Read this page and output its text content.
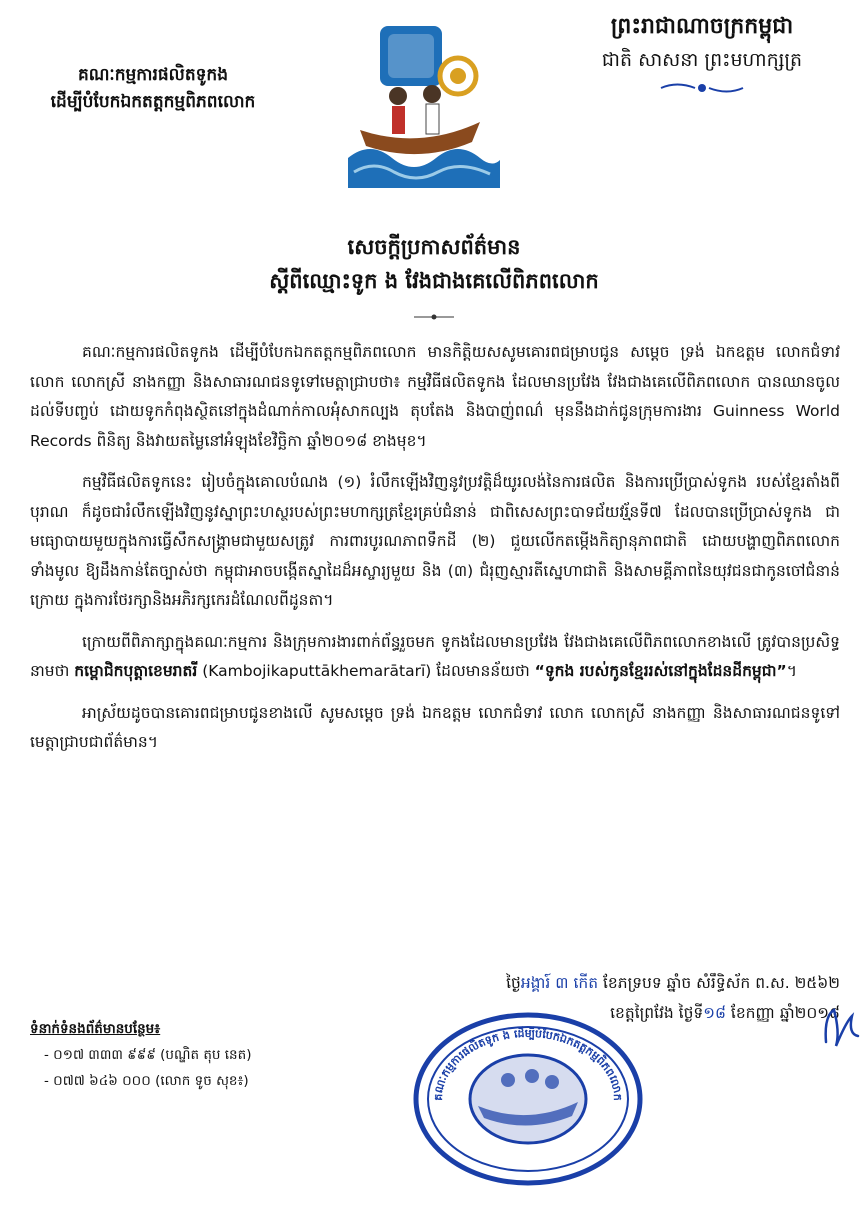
គណៈកម្មការផលិតទូកង
ដើម្បីបំបែកឯកតត្តកម្មពិភពលោក
ព្រះរាជាណាចក្រកម្ពុជា
ជាតិ សាសនា ព្រះមហាក្សត្រ
សេចក្តីប្រកាសព័ត៌មាន
ស្តីពីឈ្មោះទូក ង វែងជាងគេលើពិភពលោក

គណៈកម្មការផលិតទូកង ដើម្បីបំបែកឯកតត្តកម្មពិភពលោក មានកិត្តិយសសូមគោរពជម្រាបជូន សម្តេច ទ្រង់ ឯកឧត្តម លោកជំទាវ លោក លោកស្រី នាងកញ្ញា និងសាធារណជនទូទៅមេត្តាជ្រាបថា៖ កម្មវិធីផលិតទូកង ដែលមានប្រវែង វែងជាងគេលើពិភពលោក បានឈានចូលដល់ទីបញ្ចប់ ដោយទូកកំពុងស្ថិតនៅក្នុងដំណាក់កាលអុំសាកល្បង តុបតែង និងបាញ់ពណ៌ មុននឹងដាក់ជូនក្រុមការងារ Guinness World Records ពិនិត្យ និងវាយតម្លៃនៅអំឡុងខែវិច្ឆិកា ឆ្នាំ២០១៨ ខាងមុខ។

កម្មវិធីផលិតទូកនេះ រៀបចំក្នុងគោលបំណង (១) រំលឹកឡើងវិញនូវប្រវត្តិដ៏យូរលង់នៃការផលិត និងការប្រើប្រាស់ទូកង របស់ខ្មែរតាំងពីបុរាណ ក៏ដូចជារំលឹកឡើងវិញនូវស្នាព្រះហស្ថរបស់ព្រះមហាក្សត្រខ្មែរគ្រប់ជំនាន់ ជាពិសេសព្រះបាទជ័យវរ្ម័នទី៧ ដែលបានប្រើប្រាស់ទូកង ជាមធ្យោបាយមួយក្នុងការធ្វើសឹកសង្គ្រាមជាមួយសត្រូវ ការពារបូរណភាពទឹកដី (២) ជួយលើកតម្កើងកិត្យានុភាពជាតិ ដោយបង្ហាញពិភពលោកទាំងមូល ឱ្យដឹងកាន់តែច្បាស់ថា កម្ពុជាអាចបង្កើតស្នាដៃដ៏អស្ចារ្យមួយ និង (៣) ជំរុញស្មារតីស្នេហាជាតិ និងសាមគ្គីភាពនៃយុវជនជាកូនចៅជំនាន់ក្រោយ ក្នុងការថែរក្សានិងអភិរក្សកេរដំណែលពីដូនតា។

ក្រោយពីពិភាក្សាក្នុងគណៈកម្មការ និងក្រុមការងារពាក់ព័ន្ធរួចមក ទូកងដែលមានប្រវែង វែងជាងគេលើពិភពលោកខាងលើ ត្រូវបានប្រសិទ្ធនាមថា កម្ពោជិកបុត្តាខេមរាតរី (Kambojikaputtākhemarātarī) ដែលមានន័យថា “ទូកង របស់កូនខ្មែររស់នៅក្នុងដែនដីកម្ពុជា”។

អាស្រ័យដូចបានគោរពជម្រាបជូនខាងលើ សូមសម្តេច ទ្រង់ ឯកឧត្តម លោកជំទាវ លោក លោកស្រី នាងកញ្ញា និងសាធារណជនទូទៅ មេត្តាជ្រាបជាព័ត៌មាន។

ថ្ងៃអង្គារ៍ ៣ កើត ខែភទ្របទ ឆ្នាំច សំរឹទ្ធិស័ក ព.ស. ២៥៦២
ខេត្តព្រៃវែង ថ្ងៃទី១៨ ខែកញ្ញា ឆ្នាំ២០១៨
ទំនាក់ទំនងព័ត៌មានបន្ថែម៖
- ០១៧ ៣៣៣ ៩៩៩ (បណ្ឌិត តុប នេត)
- ០៧៧ ៦៤៦ ០០០ (លោក ទូច សុខ៖)
គណៈកម្មការផលិតទូក ង ដើម្បីបំបែកឯកតត្តកម្មពិភពលោក
